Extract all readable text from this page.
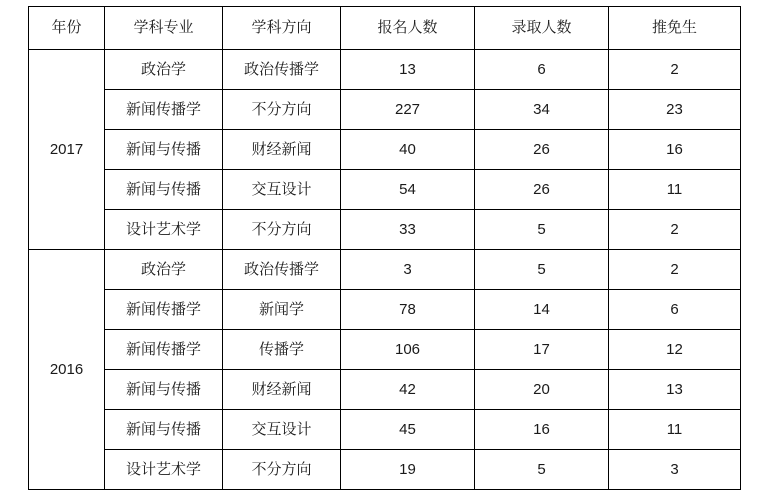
年份	学科专业	学科方向	报名人数	录取人数	推免生
2017	政治学	政治传播学	13	6	2
	新闻传播学	不分方向	227	34	23
	新闻与传播	财经新闻	40	26	16
	新闻与传播	交互设计	54	26	11
	设计艺术学	不分方向	33	5	2
2016	政治学	政治传播学	3	5	2
	新闻传播学	新闻学	78	14	6
	新闻传播学	传播学	106	17	12
	新闻与传播	财经新闻	42	20	13
	新闻与传播	交互设计	45	16	11
	设计艺术学	不分方向	19	5	3
